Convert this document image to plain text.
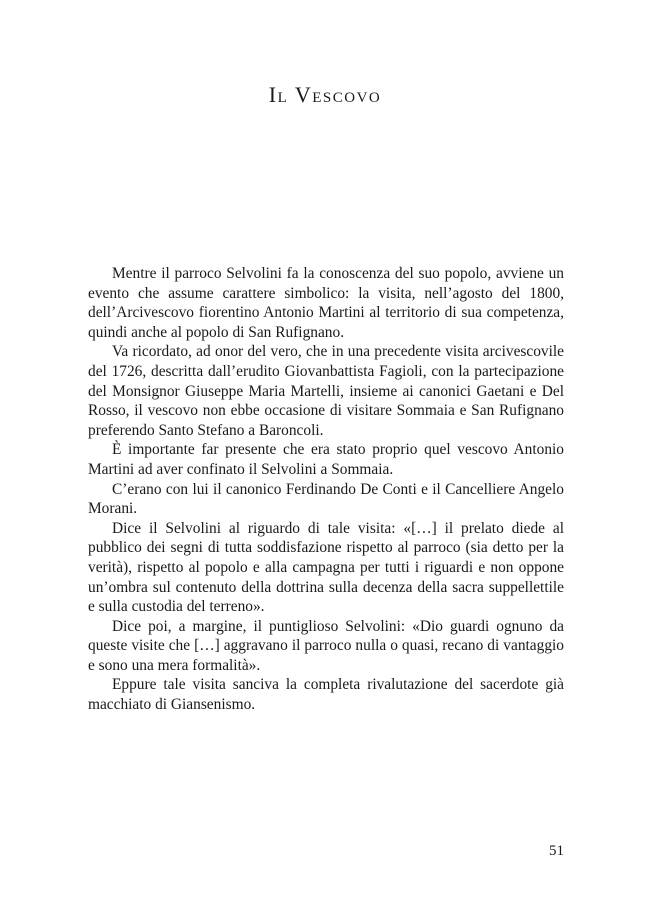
Il Vescovo

Mentre il parroco Selvolini fa la conoscenza del suo popolo, avviene un evento che assume carattere simbolico: la visita, nell’agosto del 1800, dell’Arcivescovo fiorentino Antonio Martini al territorio di sua competenza, quindi anche al popolo di San Rufignano.

Va ricordato, ad onor del vero, che in una precedente visita arcivescovile del 1726, descritta dall’erudito Giovanbattista Fagioli, con la partecipazione del Monsignor Giuseppe Maria Martelli, insieme ai canonici Gaetani e Del Rosso, il vescovo non ebbe occasione di visitare Sommaia e San Rufignano preferendo Santo Stefano a Baroncoli.

È importante far presente che era stato proprio quel vescovo Antonio Martini ad aver confinato il Selvolini a Sommaia.

C’erano con lui il canonico Ferdinando De Conti e il Cancelliere Angelo Morani.

Dice il Selvolini al riguardo di tale visita: «[…] il prelato diede al pubblico dei segni di tutta soddisfazione rispetto al parroco (sia detto per la verità), rispetto al popolo e alla campagna per tutti i riguardi e non oppone un’ombra sul contenuto della dottrina sulla decenza della sacra suppellettile e sulla custodia del terreno».

Dice poi, a margine, il puntiglioso Selvolini: «Dio guardi ognuno da queste visite che […] aggravano il parroco nulla o quasi, recano di vantaggio e sono una mera formalità».

Eppure tale visita sanciva la completa rivalutazione del sacerdote già macchiato di Giansenismo.

51
